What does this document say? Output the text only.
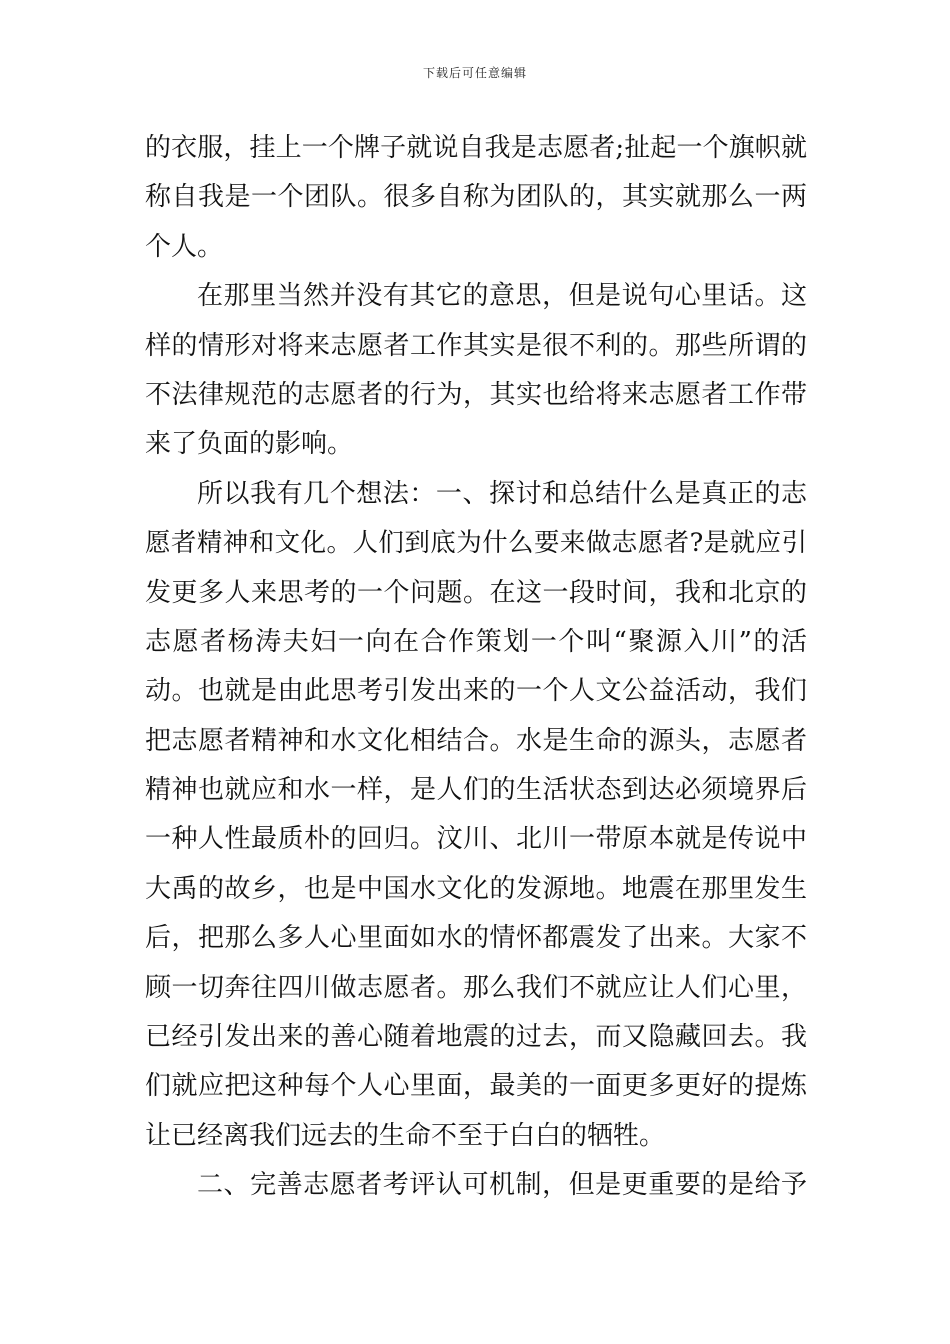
下载后可任意编辑
的衣服，挂上一个牌子就说自我是志愿者;扯起一个旗帜就
称自我是一个团队。很多自称为团队的，其实就那么一两
个人。
在那里当然并没有其它的意思，但是说句心里话。这
样的情形对将来志愿者工作其实是很不利的。那些所谓的
不法律规范的志愿者的行为，其实也给将来志愿者工作带
来了负面的影响。
所以我有几个想法：一、探讨和总结什么是真正的志
愿者精神和文化。人们到底为什么要来做志愿者?是就应引
发更多人来思考的一个问题。在这一段时间，我和北京的
志愿者杨涛夫妇一向在合作策划一个叫“聚源入川”的活
动。也就是由此思考引发出来的一个人文公益活动，我们
把志愿者精神和水文化相结合。水是生命的源头，志愿者
精神也就应和水一样，是人们的生活状态到达必须境界后
一种人性最质朴的回归。汶川、北川一带原本就是传说中
大禹的故乡，也是中国水文化的发源地。地震在那里发生
后，把那么多人心里面如水的情怀都震发了出来。大家不
顾一切奔往四川做志愿者。那么我们不就应让人们心里，
已经引发出来的善心随着地震的过去，而又隐藏回去。我
们就应把这种每个人心里面，最美的一面更多更好的提炼
让已经离我们远去的生命不至于白白的牺牲。
二、完善志愿者考评认可机制，但是更重要的是给予
